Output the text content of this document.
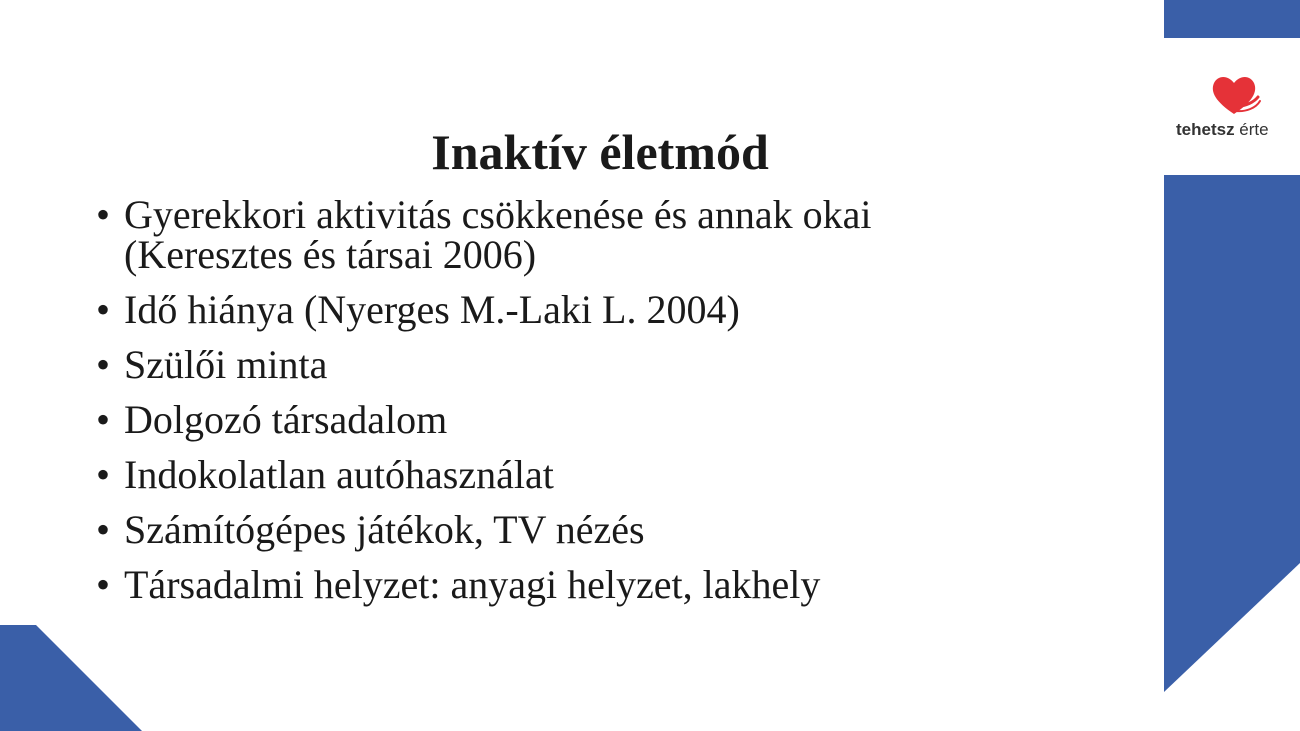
Inaktív életmód
• Gyerekkori aktivitás csökkenése és annak okai
(Keresztes és társai 2006)
• Idő hiánya (Nyerges M.-Laki L. 2004)
• Szülői minta
• Dolgozó társadalom
• Indokolatlan autóhasználat
• Számítógépes játékok, TV nézés
• Társadalmi helyzet: anyagi helyzet, lakhely
tehetsz érte
